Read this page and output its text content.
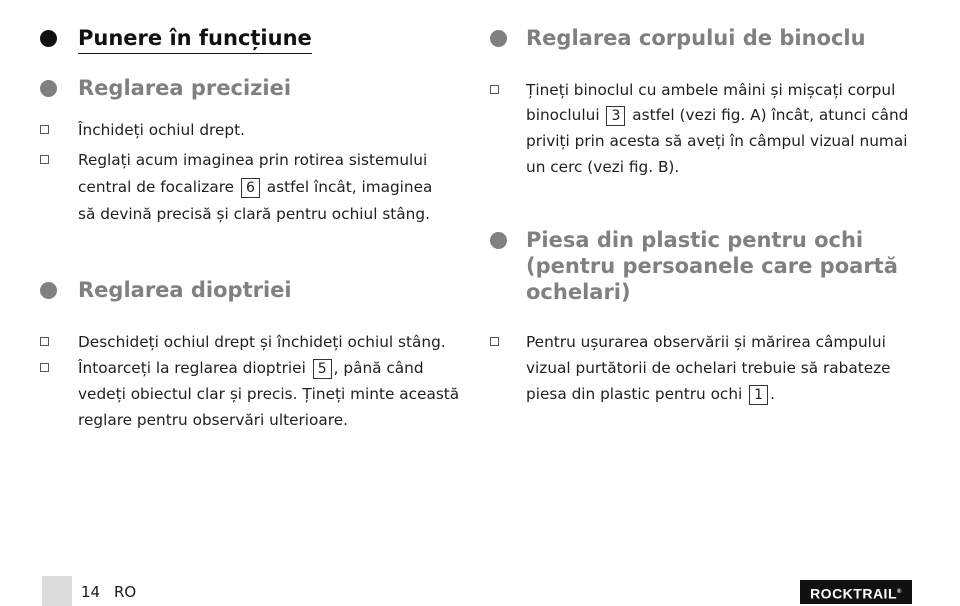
Punere în funcțiune
Reglarea preciziei
Închideți ochiul drept.
Reglați acum imaginea prin rotirea sistemului
central de focalizare 6 astfel încât, imaginea
să devină precisă și clară pentru ochiul stâng.
Reglarea dioptriei
Deschideți ochiul drept și închideți ochiul stâng.
Întoarceți la reglarea dioptriei 5 , până când
vedeți obiectul clar și precis. Țineți minte această
reglare pentru observări ulterioare.
Reglarea corpului de binoclu
Țineți binoclul cu ambele mâini și mișcați corpul
binoclului 3 astfel (vezi fig. A) încât, atunci când
priviți prin acesta să aveți în câmpul vizual numai
un cerc (vezi fig. B).
Piesa din plastic pentru ochi
(pentru persoanele care poartă
ochelari)
Pentru ușurarea observării și mărirea câmpului
vizual purtătorii de ochelari trebuie să rabateze
piesa din plastic pentru ochi 1 .
14 RO	ROCKTRAIL®
